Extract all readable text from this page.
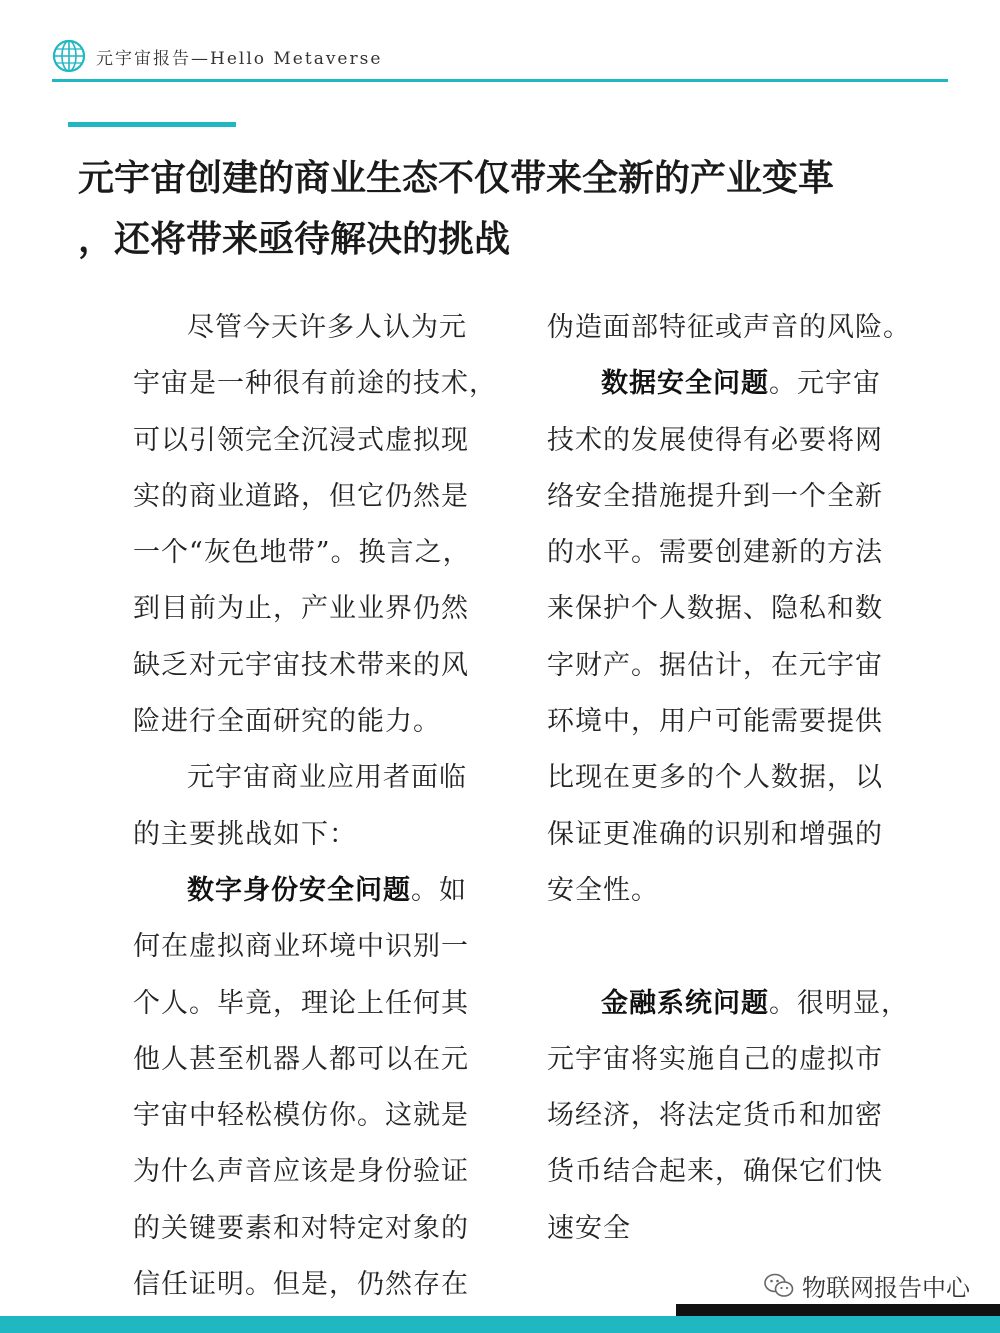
元宇宙报告—Hello Metaverse
元宇宙创建的商业生态不仅带来全新的产业变革
，还将带来亟待解决的挑战
尽管今天许多人认为元
宇宙是一种很有前途的技术，
可以引领完全沉浸式虚拟现
实的商业道路，但它仍然是
一个“灰色地带”。换言之，
到目前为止，产业业界仍然
缺乏对元宇宙技术带来的风
险进行全面研究的能力。
元宇宙商业应用者面临
的主要挑战如下：
数字身份安全问题。如
何在虚拟商业环境中识别一
个人。毕竟，理论上任何其
他人甚至机器人都可以在元
宇宙中轻松模仿你。这就是
为什么声音应该是身份验证
的关键要素和对特定对象的
信任证明。但是，仍然存在
伪造面部特征或声音的风险。
数据安全问题。元宇宙
技术的发展使得有必要将网
络安全措施提升到一个全新
的水平。需要创建新的方法
来保护个人数据、隐私和数
字财产。据估计，在元宇宙
环境中，用户可能需要提供
比现在更多的个人数据，以
保证更准确的识别和增强的
安全性。
金融系统问题。很明显，
元宇宙将实施自己的虚拟市
场经济，将法定货币和加密
货币结合起来，确保它们快
速安全
物联网报告中心
